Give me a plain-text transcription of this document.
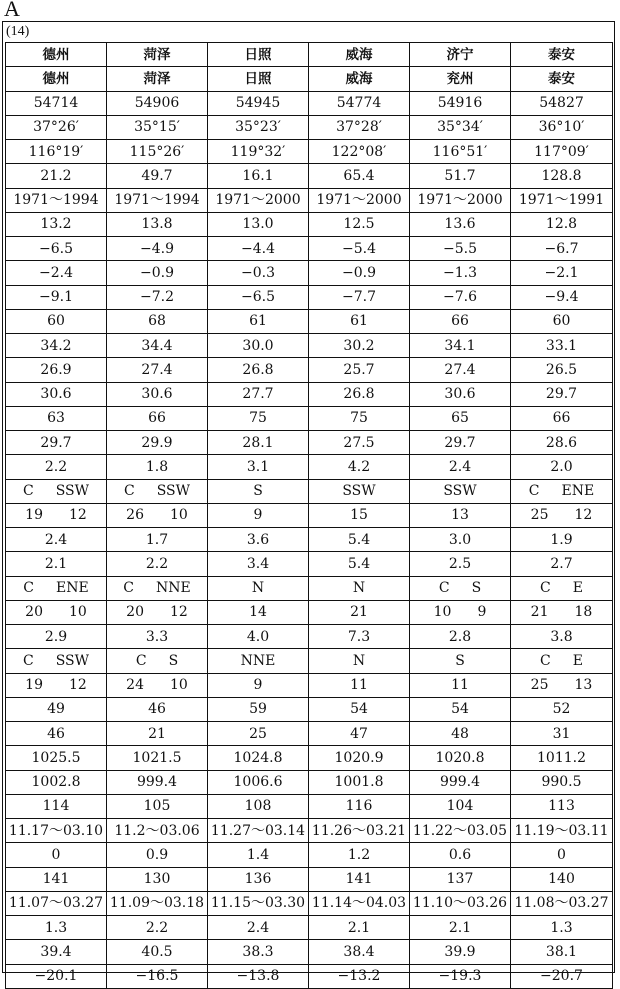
A
(14)
德州	菏泽	日照	威海	济宁	泰安
德州	菏泽	日照	威海	兖州	泰安
54714	54906	54945	54774	54916	54827
37°26′	35°15′	35°23′	37°28′	35°34′	36°10′
116°19′	115°26′	119°32′	122°08′	116°51′	117°09′
21.2	49.7	16.1	65.4	51.7	128.8
1971～1994	1971～1994	1971～2000	1971～2000	1971～2000	1971～1991
13.2	13.8	13.0	12.5	13.6	12.8
−6.5	−4.9	−4.4	−5.4	−5.5	−6.7
−2.4	−0.9	−0.3	−0.9	−1.3	−2.1
−9.1	−7.2	−6.5	−7.7	−7.6	−9.4
60	68	61	61	66	60
34.2	34.4	30.0	30.2	34.1	33.1
26.9	27.4	26.8	25.7	27.4	26.5
30.6	30.6	27.7	26.8	30.6	29.7
63	66	75	75	65	66
29.7	29.9	28.1	27.5	29.7	28.6
2.2	1.8	3.1	4.2	2.4	2.0
C SSW	C SSW	S	SSW	SSW	C ENE
19 12	26 10	9	15	13	25 12
2.4	1.7	3.6	5.4	3.0	1.9
2.1	2.2	3.4	5.4	2.5	2.7
C ENE	C NNE	N	N	C S	C E
20 10	20 12	14	21	10 9	21 18
2.9	3.3	4.0	7.3	2.8	3.8
C SSW	C S	NNE	N	S	C E
19 12	24 10	9	11	11	25 13
49	46	59	54	54	52
46	21	25	47	48	31
1025.5	1021.5	1024.8	1020.9	1020.8	1011.2
1002.8	999.4	1006.6	1001.8	999.4	990.5
114	105	108	116	104	113
11.17～03.10	11.2～03.06	11.27～03.14	11.26～03.21	11.22～03.05	11.19～03.11
0	0.9	1.4	1.2	0.6	0
141	130	136	141	137	140
11.07～03.27	11.09～03.18	11.15～03.30	11.14～04.03	11.10～03.26	11.08～03.27
1.3	2.2	2.4	2.1	2.1	1.3
39.4	40.5	38.3	38.4	39.9	38.1
−20.1	−16.5	−13.8	−13.2	−19.3	−20.7
